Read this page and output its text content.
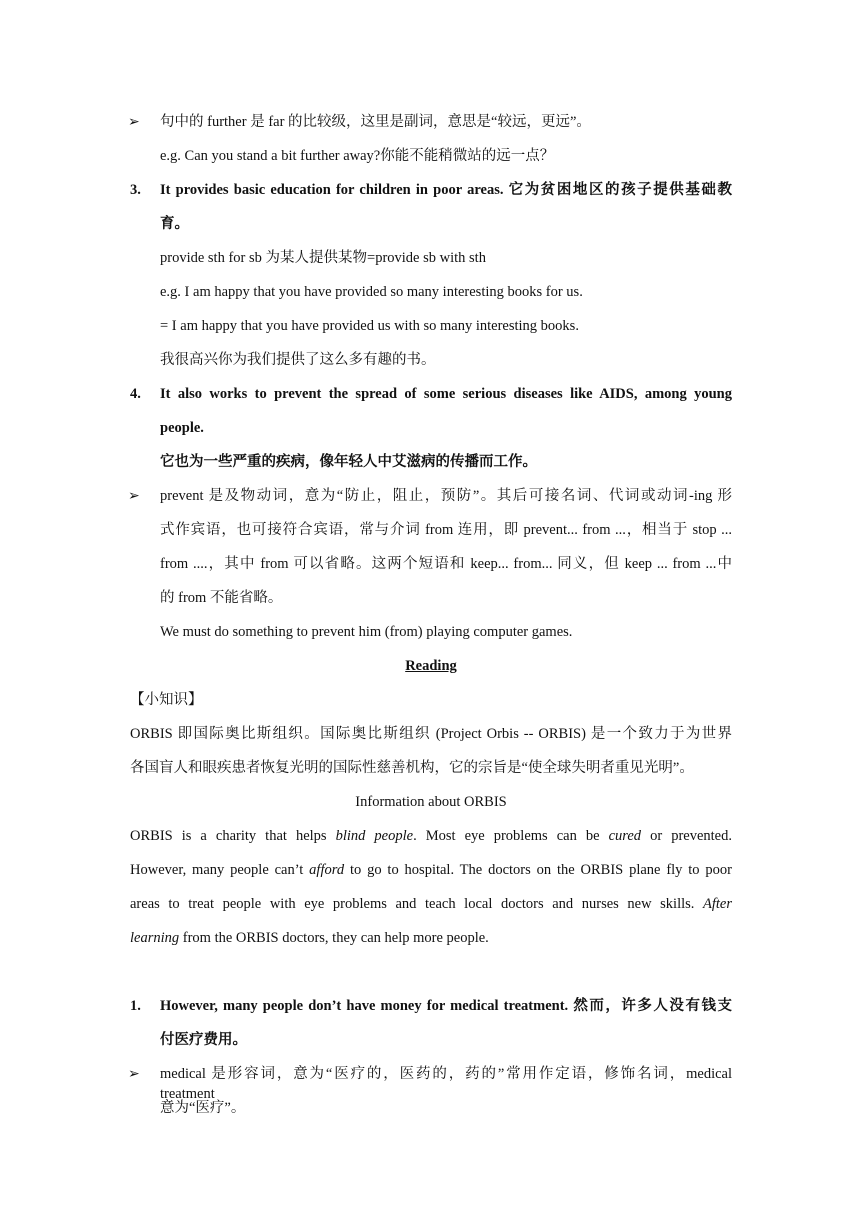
➢ 句中的 further 是 far 的比较级，这里是副词，意思是“较远，更远”。
e.g. Can you stand a bit further away?你能不能稍微站的远一点？
3. It provides basic education for children in poor areas. 它为贫困地区的孩子提供基础教
育。
provide sth for sb 为某人提供某物=provide sb with sth
e.g. I am happy that you have provided so many interesting books for us.
= I am happy that you have provided us with so many interesting books.
我很高兴你为我们提供了这么多有趣的书。
4. It also works to prevent the spread of some serious diseases like AIDS, among young
people.
它也为一些严重的疾病，像年轻人中艾滋病的传播而工作。
➢ prevent 是及物动词，意为“防止，阻止，预防”。其后可接名词、代词或动词-ing 形
式作宾语，也可接符合宾语，常与介词 from 连用，即 prevent... from ...，相当于 stop ...
from ....，其中 from 可以省略。这两个短语和 keep... from... 同义，但 keep ... from ...中
的 from 不能省略。
We must do something to prevent him (from) playing computer games.
Reading
【小知识】
ORBIS 即国际奥比斯组织。国际奥比斯组织 (Project Orbis -- ORBIS) 是一个致力于为世界
各国盲人和眼疾患者恢复光明的国际性慈善机构，它的宗旨是“使全球失明者重见光明”。
Information about ORBIS
ORBIS is a charity that helps blind people. Most eye problems can be cured or prevented.
However, many people can’t afford to go to hospital. The doctors on the ORBIS plane fly to poor
areas to treat people with eye problems and teach local doctors and nurses new skills. After
learning from the ORBIS doctors, they can help more people.
1. However, many people don’t have money for medical treatment. 然而，许多人没有钱支
付医疗费用。
➢ medical 是形容词，意为“医疗的，医药的，药的”常用作定语，修饰名词，medical treatment
意为“医疗”。
